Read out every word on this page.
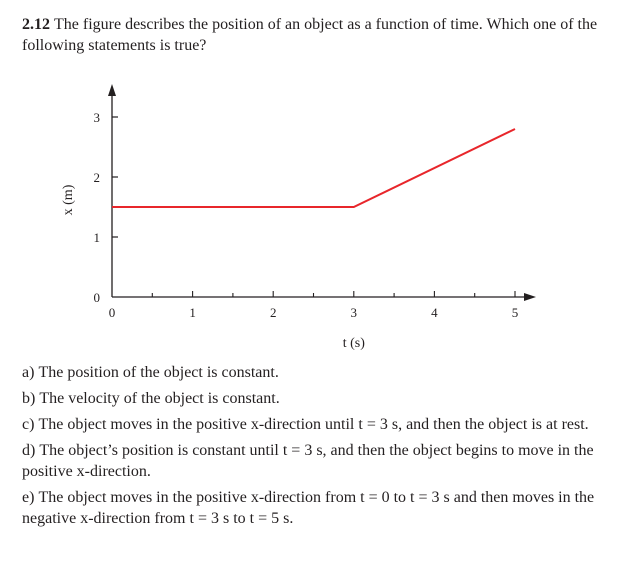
2.12 The figure describes the position of an object as a function of time. Which one of the following statements is true?
0
1
2
3
0	1	2	3	4	5
x (m)
t (s)
a) The position of the object is constant.
b) The velocity of the object is constant.
c) The object moves in the positive x-direction until t = 3 s, and then the object is at rest.
d) The object’s position is constant until t = 3 s, and then the object begins to move in the positive x-direction.
e) The object moves in the positive x-direction from t = 0 to t = 3 s and then moves in the negative x-direction from t = 3 s to t = 5 s.
